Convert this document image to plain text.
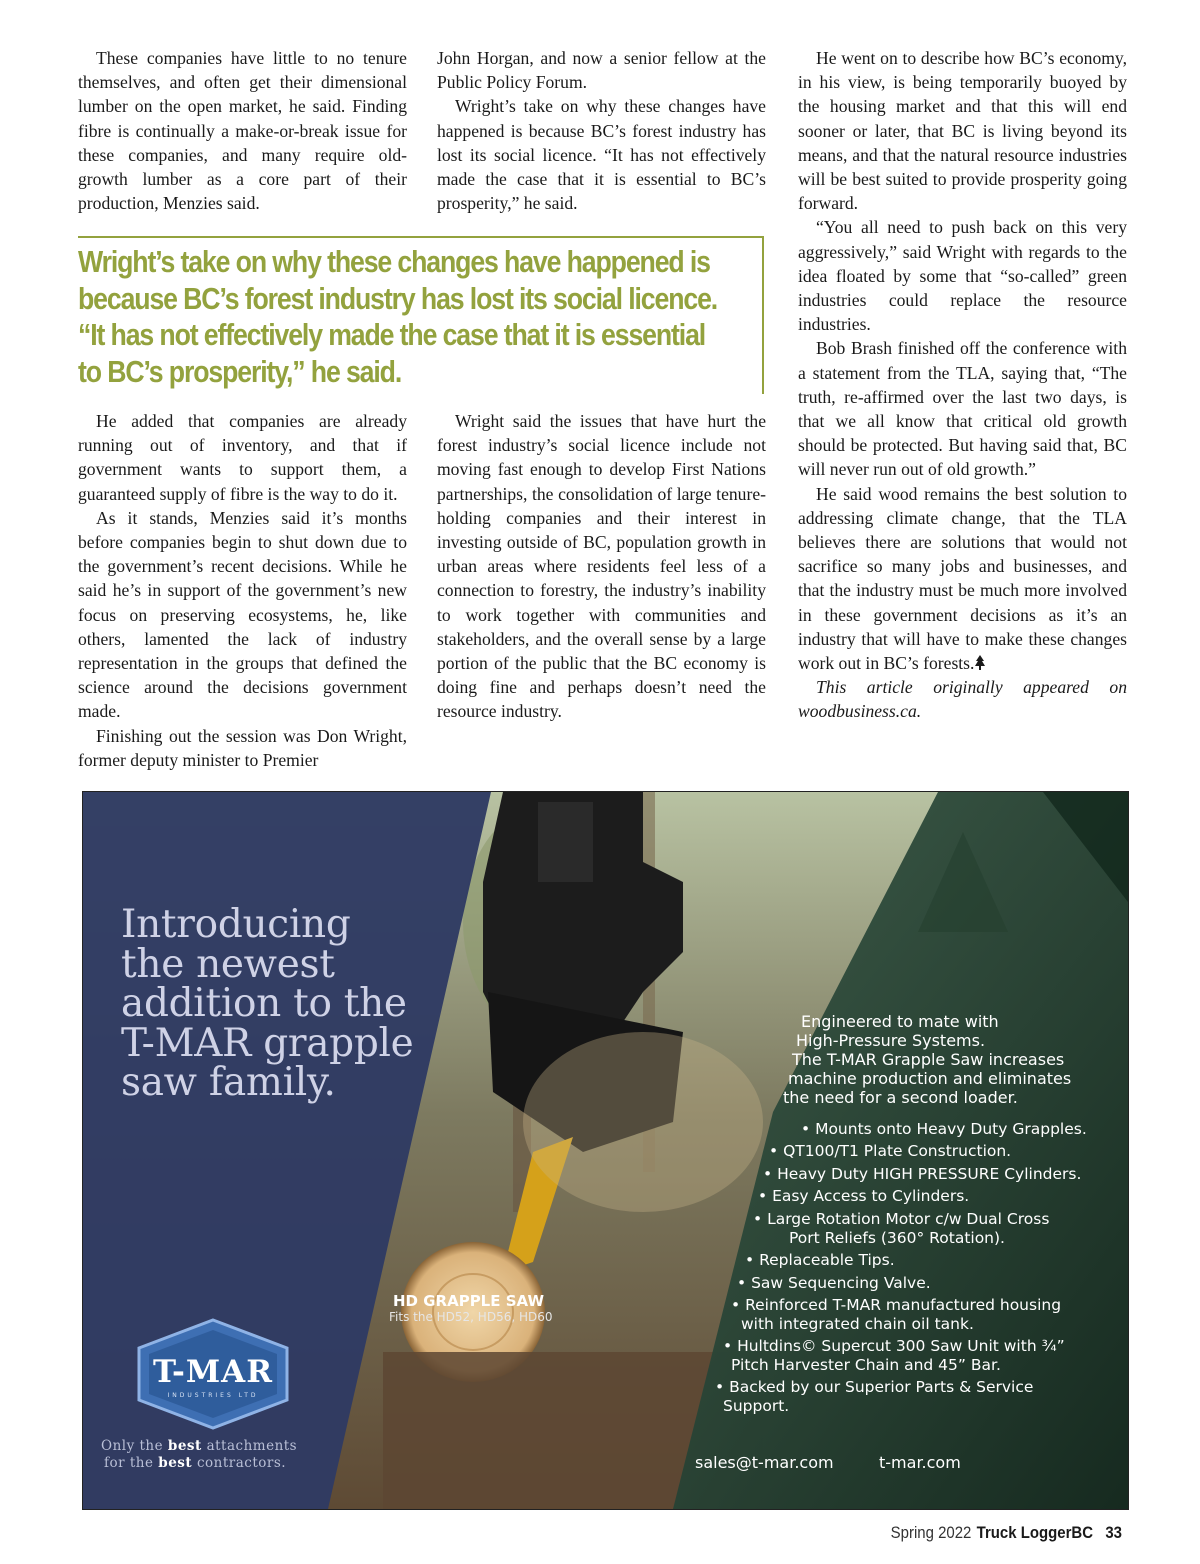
These companies have little to no tenure themselves, and often get their dimensional lumber on the open market, he said. Finding fibre is continually a make-or-break issue for these companies, and many require old-growth lumber as a core part of their production, Menzies said.

John Horgan, and now a senior fellow at the Public Policy Forum.

Wright’s take on why these changes have happened is because BC’s forest industry has lost its social licence. “It has not effectively made the case that it is essential to BC’s prosperity,” he said.

He went on to describe how BC’s economy, in his view, is being temporarily buoyed by the housing market and that this will end sooner or later, that BC is living beyond its means, and that the natural resource industries will be best suited to provide prosperity going forward.

“You all need to push back on this very aggressively,” said Wright with regards to the idea floated by some that “so-called” green industries could replace the resource industries.

Bob Brash finished off the conference with a statement from the TLA, saying that, “The truth, re-affirmed over the last two days, is that we all know that critical old growth should be protected. But having said that, BC will never run out of old growth.”

He said wood remains the best solution to addressing climate change, that the TLA believes there are solutions that would not sacrifice so many jobs and businesses, and that the industry must be much more involved in these government decisions as it’s an industry that will have to make these changes work out in BC’s forests.

This article originally appeared on woodbusiness.ca.

Wright’s take on why these changes have happened is
because BC’s forest industry has lost its social licence.
“It has not effectively made the case that it is essential
to BC’s prosperity,” he said.

He added that companies are already running out of inventory, and that if government wants to support them, a guaranteed supply of fibre is the way to do it.

As it stands, Menzies said it’s months before companies begin to shut down due to the government’s recent decisions. While he said he’s in support of the government’s new focus on preserving ecosystems, he, like others, lamented the lack of industry representation in the groups that defined the science around the decisions government made.

Finishing out the session was Don Wright, former deputy minister to Premier

Wright said the issues that have hurt the forest industry’s social licence include not moving fast enough to develop First Nations partnerships, the consolidation of large tenure-holding companies and their interest in investing outside of BC, population growth in urban areas where residents feel less of a connection to forestry, the industry’s inability to work together with communities and stakeholders, and the overall sense by a large portion of the public that the BC economy is doing fine and perhaps doesn’t need the resource industry.

Introducing
the newest
addition to the
T-MAR grapple
saw family.
Engineered to mate with
High-Pressure Systems.
The T-MAR Grapple Saw increases
machine production and eliminates
the need for a second loader.
• Mounts onto Heavy Duty Grapples.
• QT100/T1 Plate Construction.
• Heavy Duty HIGH PRESSURE Cylinders.
• Easy Access to Cylinders.
• Large Rotation Motor c/w Dual Cross
Port Reliefs (360° Rotation).
• Replaceable Tips.
• Saw Sequencing Valve.
• Reinforced T-MAR manufactured housing
with integrated chain oil tank.
• Hultdins© Supercut 300 Saw Unit with ¾”
Pitch Harvester Chain and 45” Bar.
• Backed by our Superior Parts & Service
Support.
HD GRAPPLE SAW
Fits the HD52, HD56, HD60
T-MAR
INDUSTRIES LTD
Only the best attachments
for the best contractors.	sales@t-mar.com	t-mar.com
Spring 2022 Truck LoggerBC 33
